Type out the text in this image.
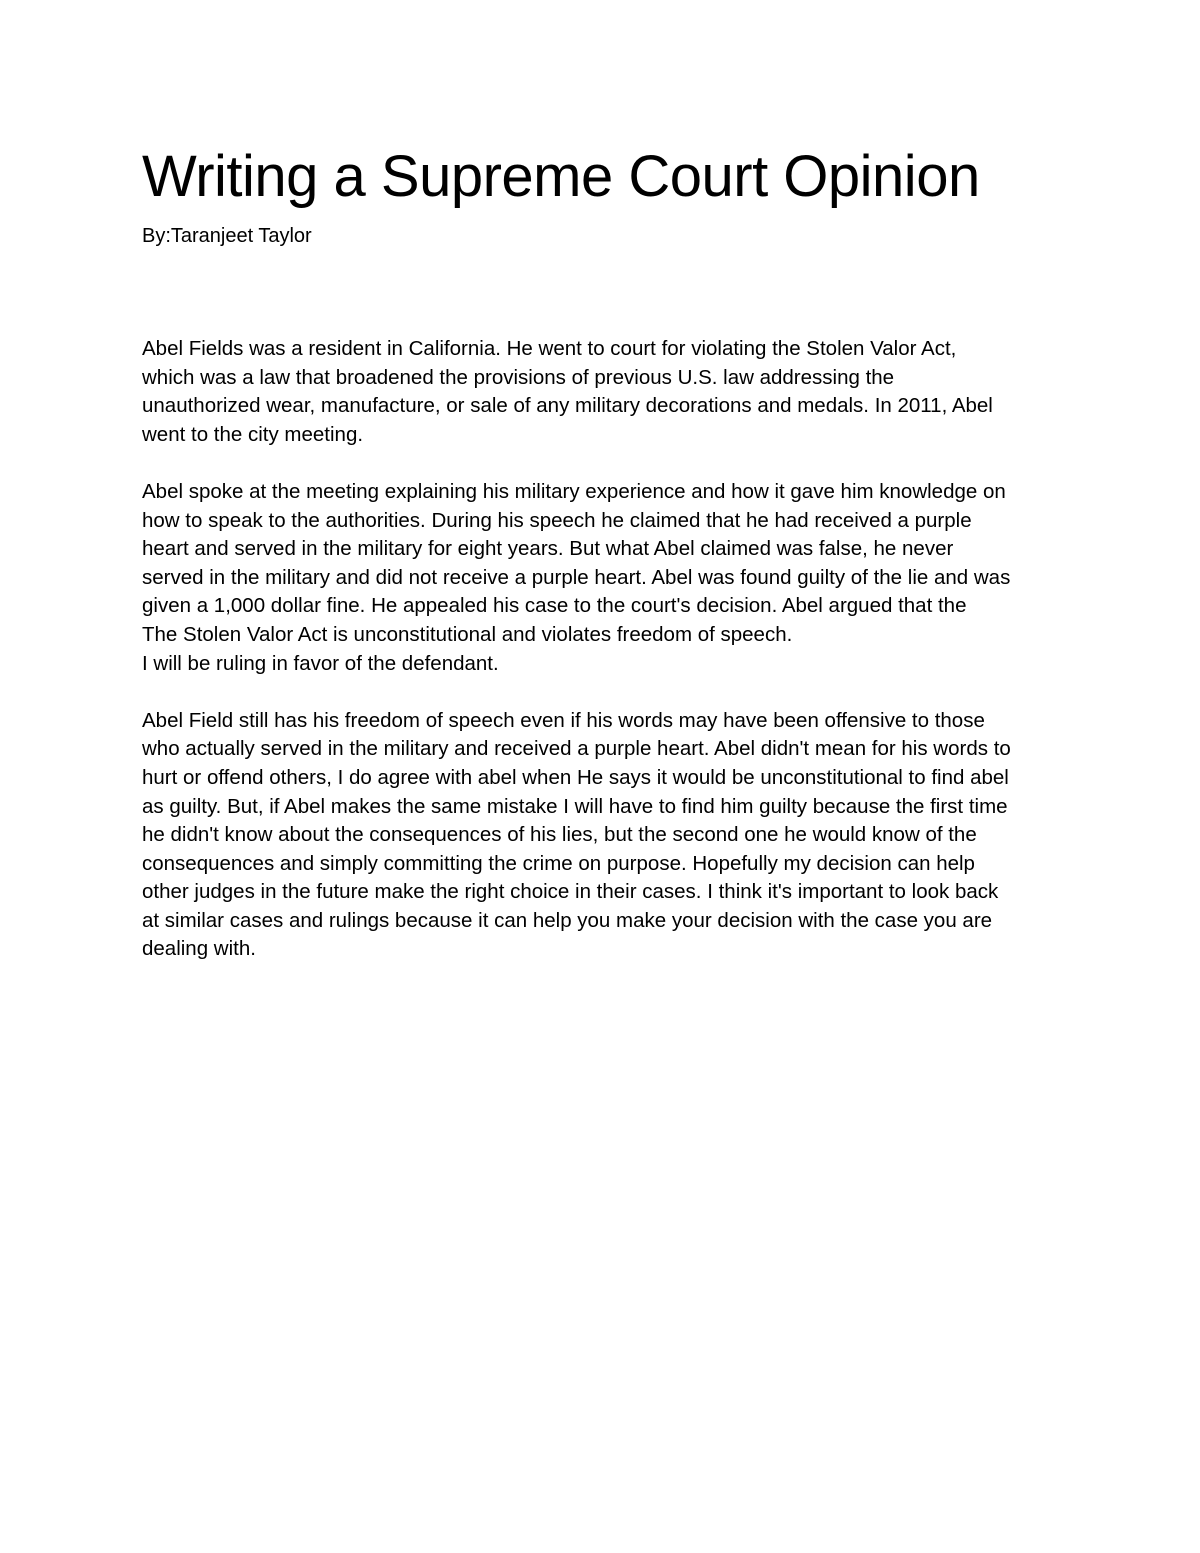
Writing a Supreme Court Opinion

By:Taranjeet Taylor

Abel Fields was a resident in California. He went to court for violating the Stolen Valor Act,
which was a law that broadened the provisions of previous U.S. law addressing the
unauthorized wear, manufacture, or sale of any military decorations and medals. In 2011, Abel
went to the city meeting.
Abel spoke at the meeting explaining his military experience and how it gave him knowledge on
how to speak to the authorities. During his speech he claimed that he had received a purple
heart and served in the military for eight years. But what Abel claimed was false, he never
served in the military and did not receive a purple heart. Abel was found guilty of the lie and was
given a 1,000 dollar fine. He appealed his case to the court's decision. Abel argued that the
The Stolen Valor Act is unconstitutional and violates freedom of speech.
I will be ruling in favor of the defendant.
Abel Field still has his freedom of speech even if his words may have been offensive to those
who actually served in the military and received a purple heart. Abel didn't mean for his words to
hurt or offend others, I do agree with abel when He says it would be unconstitutional to find abel
as guilty. But, if Abel makes the same mistake I will have to find him guilty because the first time
he didn't know about the consequences of his lies, but the second one he would know of the
consequences and simply committing the crime on purpose. Hopefully my decision can help
other judges in the future make the right choice in their cases. I think it's important to look back
at similar cases and rulings because it can help you make your decision with the case you are
dealing with.
